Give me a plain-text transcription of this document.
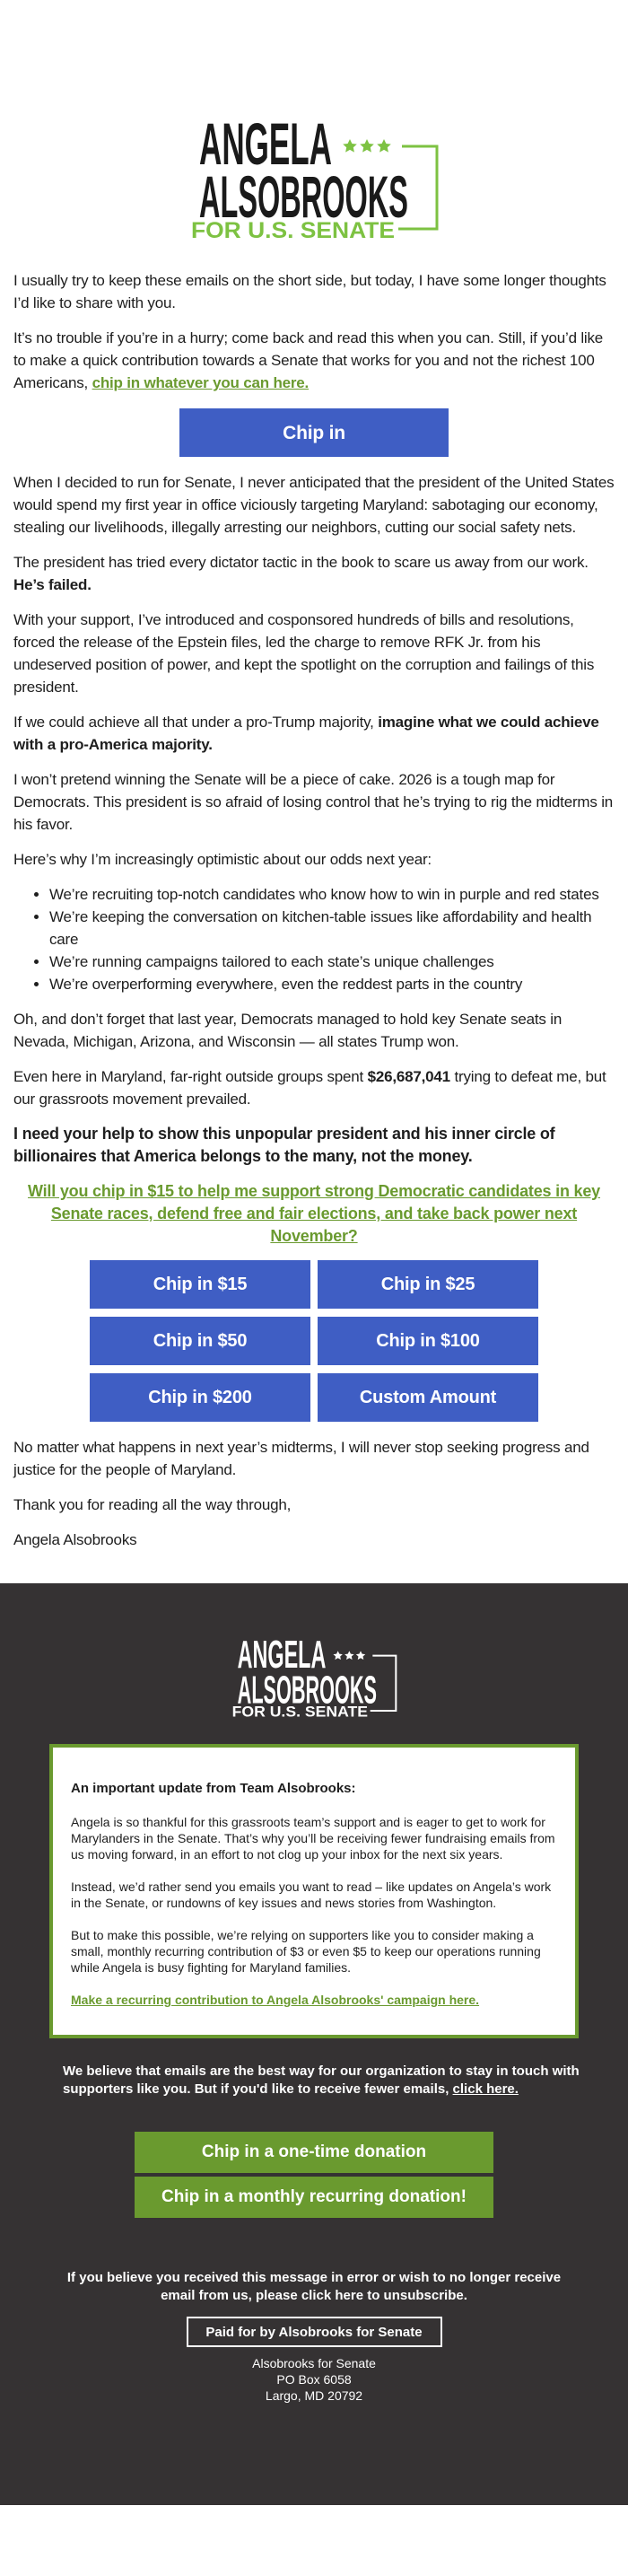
ANGELA
ALSOBROOKS
FOR U.S. SENATE

I usually try to keep these emails on the short side, but today, I have some longer thoughts I’d like to share with you.

It’s no trouble if you’re in a hurry; come back and read this when you can. Still, if you’d like to make a quick contribution towards a Senate that works for you and not the richest 100 Americans, chip in whatever you can here.

Chip in

When I decided to run for Senate, I never anticipated that the president of the United States would spend my first year in office viciously targeting Maryland: sabotaging our economy, stealing our livelihoods, illegally arresting our neighbors, cutting our social safety nets.

The president has tried every dictator tactic in the book to scare us away from our work. He’s failed.

With your support, I’ve introduced and cosponsored hundreds of bills and resolutions, forced the release of the Epstein files, led the charge to remove RFK Jr. from his undeserved position of power, and kept the spotlight on the corruption and failings of this president.

If we could achieve all that under a pro-Trump majority, imagine what we could achieve with a pro-America majority.

I won’t pretend winning the Senate will be a piece of cake. 2026 is a tough map for Democrats. This president is so afraid of losing control that he’s trying to rig the midterms in his favor.

Here’s why I’m increasingly optimistic about our odds next year:

• We’re recruiting top-notch candidates who know how to win in purple and red states
• We’re keeping the conversation on kitchen-table issues like affordability and health care
• We’re running campaigns tailored to each state’s unique challenges
• We’re overperforming everywhere, even the reddest parts in the country

Oh, and don’t forget that last year, Democrats managed to hold key Senate seats in Nevada, Michigan, Arizona, and Wisconsin — all states Trump won.

Even here in Maryland, far-right outside groups spent $26,687,041 trying to defeat me, but our grassroots movement prevailed.

I need your help to show this unpopular president and his inner circle of billionaires that America belongs to the many, not the money.

Will you chip in $15 to help me support strong Democratic candidates in key Senate races, defend free and fair elections, and take back power next November?

Chip in $15	Chip in $25
Chip in $50	Chip in $100
Chip in $200	Custom Amount

No matter what happens in next year’s midterms, I will never stop seeking progress and justice for the people of Maryland.

Thank you for reading all the way through,

Angela Alsobrooks

ANGELA
ALSOBROOKS
FOR U.S. SENATE
An important update from Team Alsobrooks:

Angela is so thankful for this grassroots team’s support and is eager to get to work for Marylanders in the Senate. That’s why you’ll be receiving fewer fundraising emails from us moving forward, in an effort to not clog up your inbox for the next six years.

Instead, we’d rather send you emails you want to read – like updates on Angela’s work in the Senate, or rundowns of key issues and news stories from Washington.

But to make this possible, we’re relying on supporters like you to consider making a small, monthly recurring contribution of $3 or even $5 to keep our operations running while Angela is busy fighting for Maryland families.

Make a recurring contribution to Angela Alsobrooks' campaign here.

We believe that emails are the best way for our organization to stay in touch with supporters like you. But if you'd like to receive fewer emails, click here.
Chip in a one-time donation
Chip in a monthly recurring donation!
If you believe you received this message in error or wish to no longer receive email from us, please click here to unsubscribe.
Paid for by Alsobrooks for Senate
Alsobrooks for Senate
PO Box 6058
Largo, MD 20792
